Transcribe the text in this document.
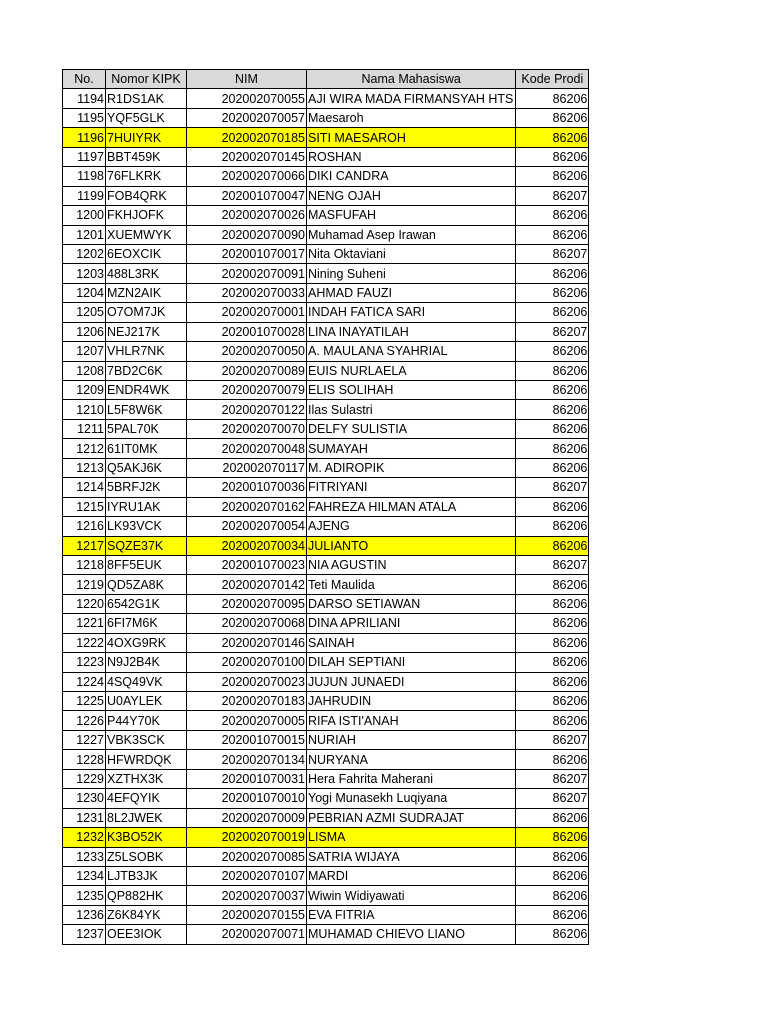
No.	Nomor KIPK	NIM	Nama Mahasiswa	Kode Prodi
1194	R1DS1AK	202002070055	AJI WIRA MADA FIRMANSYAH HTS	86206
1195	YQF5GLK	202002070057	Maesaroh	86206
1196	7HUIYRK	202002070185	SITI MAESAROH	86206
1197	BBT459K	202002070145	ROSHAN	86206
1198	76FLKRK	202002070066	DIKI CANDRA	86206
1199	FOB4QRK	202001070047	NENG OJAH	86207
1200	FKHJOFK	202002070026	MASFUFAH	86206
1201	XUEMWYK	202002070090	Muhamad Asep Irawan	86206
1202	6EOXCIK	202001070017	Nita Oktaviani	86207
1203	488L3RK	202002070091	Nining Suheni	86206
1204	MZN2AIK	202002070033	AHMAD FAUZI	86206
1205	O7OM7JK	202002070001	INDAH FATICA SARI	86206
1206	NEJ217K	202001070028	LINA INAYATILAH	86207
1207	VHLR7NK	202002070050	A. MAULANA SYAHRIAL	86206
1208	7BD2C6K	202002070089	EUIS NURLAELA	86206
1209	ENDR4WK	202002070079	ELIS SOLIHAH	86206
1210	L5F8W6K	202002070122	Ilas Sulastri	86206
1211	5PAL70K	202002070070	DELFY SULISTIA	86206
1212	61IT0MK	202002070048	SUMAYAH	86206
1213	Q5AKJ6K	202002070117	M. ADIROPIK	86206
1214	5BRFJ2K	202001070036	FITRIYANI	86207
1215	IYRU1AK	202002070162	FAHREZA HILMAN ATALA	86206
1216	LK93VCK	202002070054	AJENG	86206
1217	SQZE37K	202002070034	JULIANTO	86206
1218	8FF5EUK	202001070023	NIA AGUSTIN	86207
1219	QD5ZA8K	202002070142	Teti Maulida	86206
1220	6542G1K	202002070095	DARSO SETIAWAN	86206
1221	6FI7M6K	202002070068	DINA APRILIANI	86206
1222	4OXG9RK	202002070146	SAINAH	86206
1223	N9J2B4K	202002070100	DILAH SEPTIANI	86206
1224	4SQ49VK	202002070023	JUJUN JUNAEDI	86206
1225	U0AYLEK	202002070183	JAHRUDIN	86206
1226	P44Y70K	202002070005	RIFA ISTI'ANAH	86206
1227	VBK3SCK	202001070015	NURIAH	86207
1228	HFWRDQK	202002070134	NURYANA	86206
1229	XZTHX3K	202001070031	Hera Fahrita Maherani	86207
1230	4EFQYIK	202001070010	Yogi Munasekh Luqiyana	86207
1231	8L2JWEK	202002070009	PEBRIAN AZMI SUDRAJAT	86206
1232	K3BO52K	202002070019	LISMA	86206
1233	Z5LSOBK	202002070085	SATRIA WIJAYA	86206
1234	LJTB3JK	202002070107	MARDI	86206
1235	QP882HK	202002070037	Wiwin Widiyawati	86206
1236	Z6K84YK	202002070155	EVA FITRIA	86206
1237	OEE3IOK	202002070071	MUHAMAD CHIEVO LIANO	86206
